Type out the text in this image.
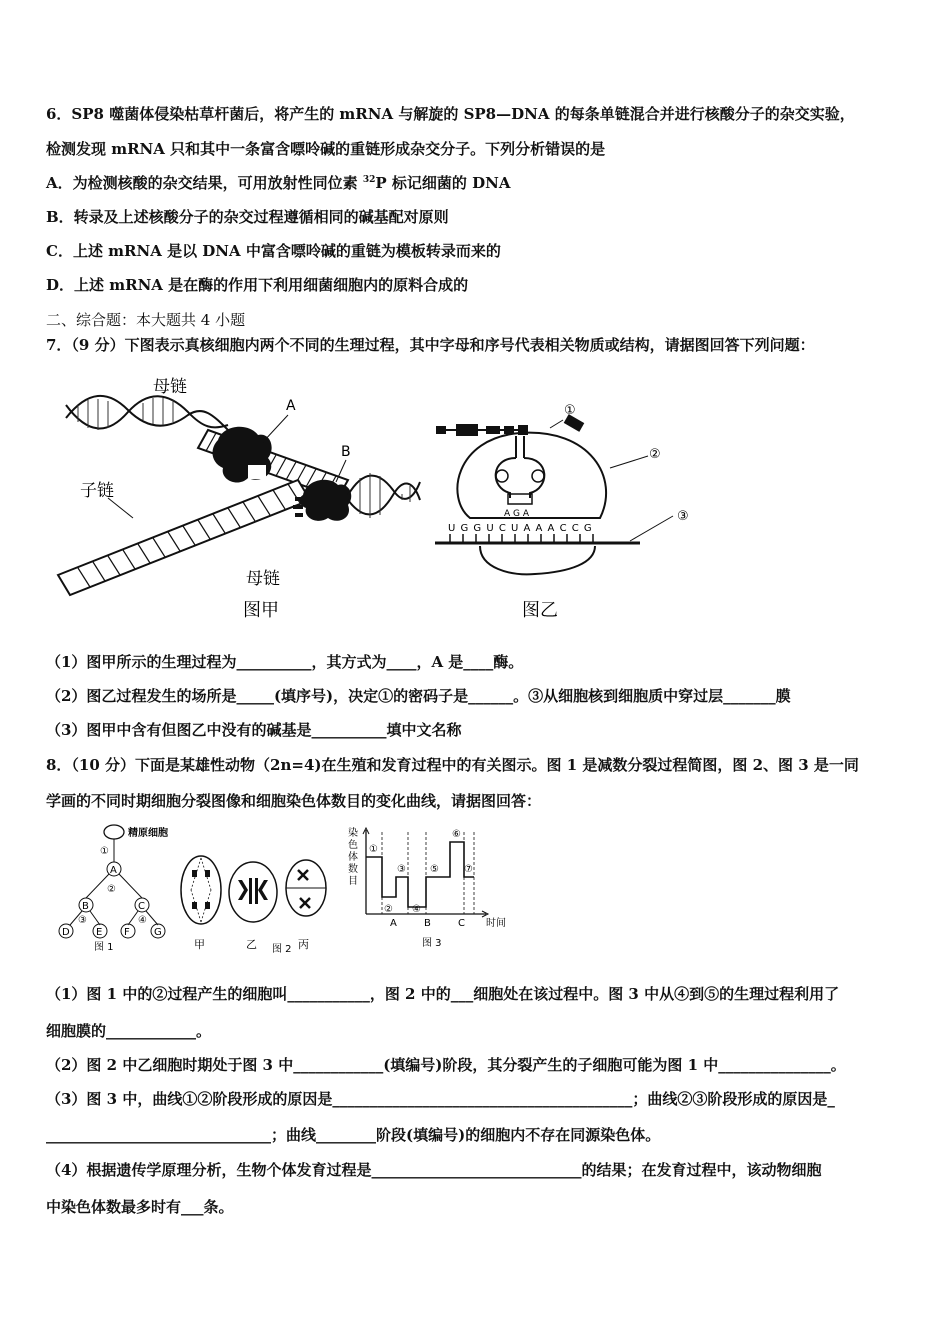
6．SP8 噬菌体侵染枯草杆菌后，将产生的 mRNA 与解旋的 SP8—DNA 的每条单链混合并进行核酸分子的杂交实验，
检测发现 mRNA 只和其中一条富含嘌呤碱的重链形成杂交分子。下列分析错误的是
A．为检测核酸的杂交结果，可用放射性同位素 $^{32}$P 标记细菌的 DNA
B．转录及上述核酸分子的杂交过程遵循相同的碱基配对原则
C．上述 mRNA 是以 DNA 中富含嘌呤碱的重链为模板转录而来的
D．上述 mRNA 是在酶的作用下利用细菌细胞内的原料合成的
二、综合题：本大题共 4 小题
7．（9 分）下图表示真核细胞内两个不同的生理过程，其中字母和序号代表相关物质或结构，请据图回答下列问题：
母链
A
B
子链
母链
图甲
①
②
③
A G A
U G G U C U A A A C C G
图乙
（1）图甲所示的生理过程为__________，其方式为____，A 是____酶。
（2）图乙过程发生的场所是_____(填序号)，决定①的密码子是______。③从细胞核到细胞质中穿过层_______膜
（3）图甲中含有但图乙中没有的碱基是__________填中文名称
8．（10 分）下面是某雄性动物（2n=4)在生殖和发育过程中的有关图示。图 1 是减数分裂过程简图，图 2、图 3 是一同
学画的不同时期细胞分裂图像和细胞染色体数目的变化曲线，请据图回答：
精原细胞
①
A
②
B	C
③	④
D	E F G
图 1	甲	乙	丙
图 2
染
色
体
数
目
①
②
③
④
⑤
⑥
⑦
A	B	C 时间
图 3
（1）图 1 中的②过程产生的细胞叫___________，图 2 中的___细胞处在该过程中。图 3 中从④到⑤的生理过程利用了
细胞膜的____________。
（2）图 2 中乙细胞时期处于图 3 中____________(填编号)阶段，其分裂产生的子细胞可能为图 1 中_______________。
（3）图 3 中，曲线①②阶段形成的原因是________________________________________；曲线②③阶段形成的原因是_
______________________________；曲线________阶段(填编号)的细胞内不存在同源染色体。
（4）根据遗传学原理分析，生物个体发育过程是____________________________的结果；在发育过程中，该动物细胞
中染色体数最多时有___条。
